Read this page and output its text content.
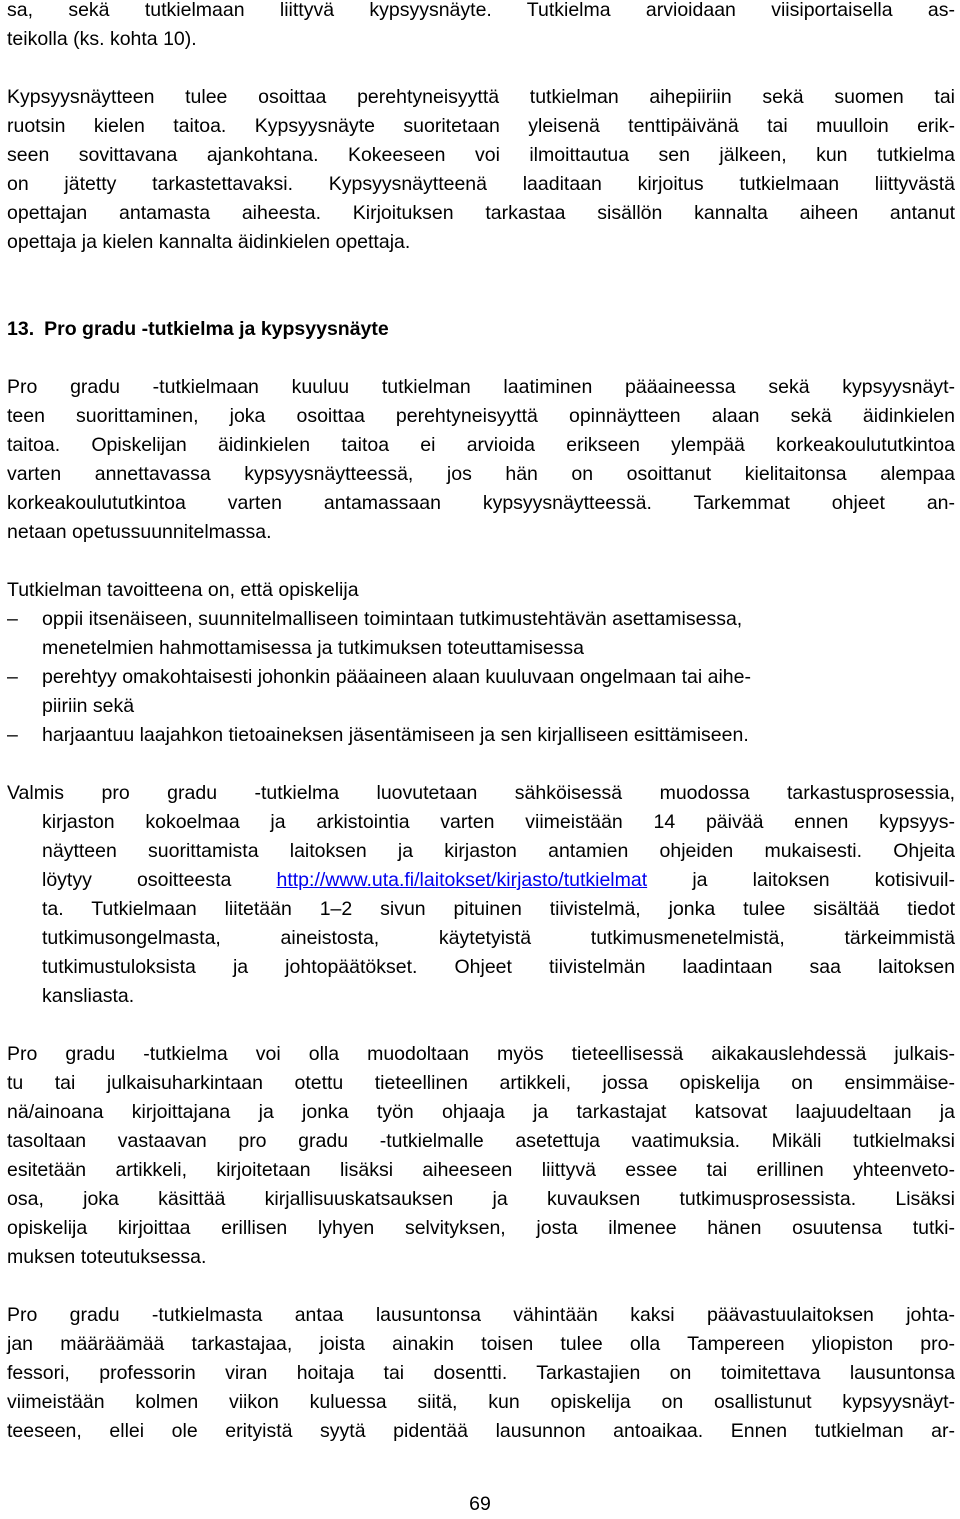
sa, sekä tutkielmaan liittyvä kypsyysnäyte. Tutkielma arvioidaan viisiportaisella as-

teikolla (ks. kohta 10).

Kypsyysnäytteen tulee osoittaa perehtyneisyyttä tutkielman aihepiiriin sekä suomen tai

ruotsin kielen taitoa. Kypsyysnäyte suoritetaan yleisenä tenttipäivänä tai muulloin erik-

seen sovittavana ajankohtana. Kokeeseen voi ilmoittautua sen jälkeen, kun tutkielma

on jätetty tarkastettavaksi. Kypsyysnäytteenä laaditaan kirjoitus tutkielmaan liittyvästä

opettajan antamasta aiheesta. Kirjoituksen tarkastaa sisällön kannalta aiheen antanut

opettaja ja kielen kannalta äidinkielen opettaja.

13. Pro gradu -tutkielma ja kypsyysnäyte

Pro gradu -tutkielmaan kuuluu tutkielman laatiminen pääaineessa sekä kypsyysnäyt-

teen suorittaminen, joka osoittaa perehtyneisyyttä opinnäytteen alaan sekä äidinkielen

taitoa. Opiskelijan äidinkielen taitoa ei arvioida erikseen ylempää korkeakoulututkintoa

varten annettavassa kypsyysnäytteessä, jos hän on osoittanut kielitaitonsa alempaa

korkeakoulututkintoa varten antamassaan kypsyysnäytteessä. Tarkemmat ohjeet an-

netaan opetussuunnitelmassa.

Tutkielman tavoitteena on, että opiskelija

– oppii itsenäiseen, suunnitelmalliseen toimintaan tutkimustehtävän asettamisessa,

menetelmien hahmottamisessa ja tutkimuksen toteuttamisessa

– perehtyy omakohtaisesti johonkin pääaineen alaan kuuluvaan ongelmaan tai aihe-

piiriin sekä

– harjaantuu laajahkon tietoaineksen jäsentämiseen ja sen kirjalliseen esittämiseen.

Valmis pro gradu -tutkielma luovutetaan sähköisessä muodossa tarkastusprosessia,

kirjaston kokoelmaa ja arkistointia varten viimeistään 14 päivää ennen kypsyys-

näytteen suorittamista laitoksen ja kirjaston antamien ohjeiden mukaisesti. Ohjeita

löytyy osoitteesta http://www.uta.fi/laitokset/kirjasto/tutkielmat ja laitoksen kotisivuil-

ta. Tutkielmaan liitetään 1–2 sivun pituinen tiivistelmä, jonka tulee sisältää tiedot

tutkimusongelmasta, aineistosta, käytetyistä tutkimusmenetelmistä, tärkeimmistä

tutkimustuloksista ja johtopäätökset. Ohjeet tiivistelmän laadintaan saa laitoksen

kansliasta.

Pro gradu -tutkielma voi olla muodoltaan myös tieteellisessä aikakauslehdessä julkais-

tu tai julkaisuharkintaan otettu tieteellinen artikkeli, jossa opiskelija on ensimmäise-

nä/ainoana kirjoittajana ja jonka työn ohjaaja ja tarkastajat katsovat laajuudeltaan ja

tasoltaan vastaavan pro gradu -tutkielmalle asetettuja vaatimuksia. Mikäli tutkielmaksi

esitetään artikkeli, kirjoitetaan lisäksi aiheeseen liittyvä essee tai erillinen yhteenveto-

osa, joka käsittää kirjallisuuskatsauksen ja kuvauksen tutkimusprosessista. Lisäksi

opiskelija kirjoittaa erillisen lyhyen selvityksen, josta ilmenee hänen osuutensa tutki-

muksen toteutuksessa.

Pro gradu -tutkielmasta antaa lausuntonsa vähintään kaksi päävastuulaitoksen johta-

jan määräämää tarkastajaa, joista ainakin toisen tulee olla Tampereen yliopiston pro-

fessori, professorin viran hoitaja tai dosentti. Tarkastajien on toimitettava lausuntonsa

viimeistään kolmen viikon kuluessa siitä, kun opiskelija on osallistunut kypsyysnäyt-

teeseen, ellei ole erityistä syytä pidentää lausunnon antoaikaa. Ennen tutkielman ar-

69
